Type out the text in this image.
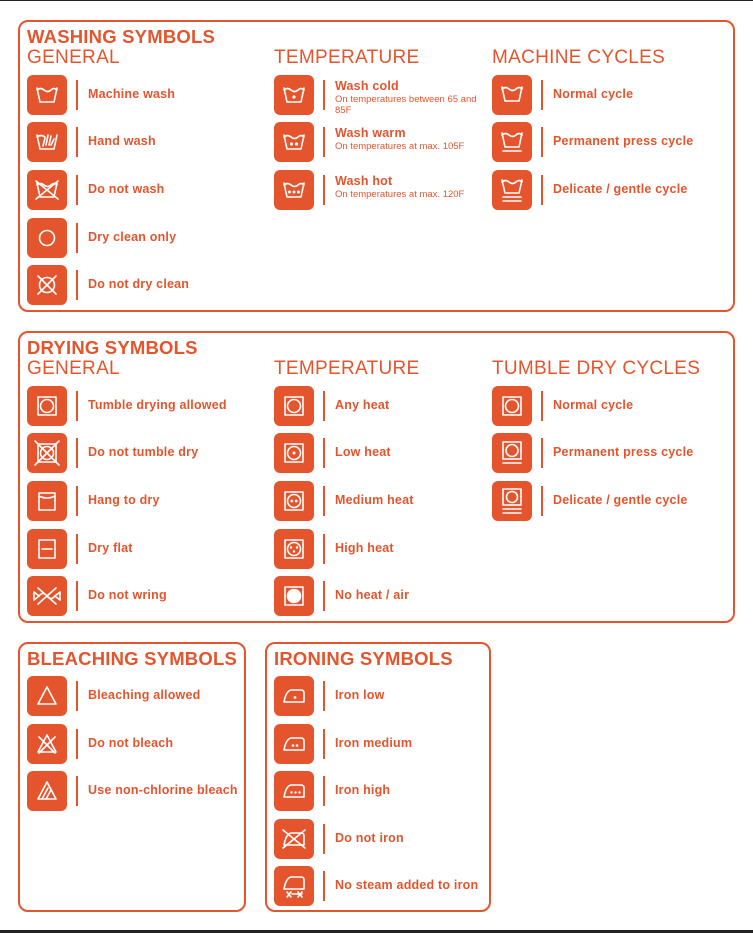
WASHING SYMBOLS
GENERAL	TEMPERATURE	MACHINE CYCLES
Machine wash
Hand wash
Do not wash
Dry clean only
Do not dry clean
Wash cold
On temperatures between 65 and 85F
Wash warm
On temperatures at max. 105F
Wash hot
On temperatures at max. 120F
Normal cycle
Permanent press cycle
Delicate / gentle cycle
DRYING SYMBOLS
GENERAL	TEMPERATURE	TUMBLE DRY CYCLES
Tumble drying allowed
Do not tumble dry
Hang to dry
Dry flat
Do not wring
Any heat
Low heat
Medium heat
High heat
No heat / air
Normal cycle
Permanent press cycle
Delicate / gentle cycle
BLEACHING SYMBOLS
Bleaching allowed
Do not bleach
Use non-chlorine bleach
IRONING SYMBOLS
Iron low
Iron medium
Iron high
Do not iron
No steam added to iron
